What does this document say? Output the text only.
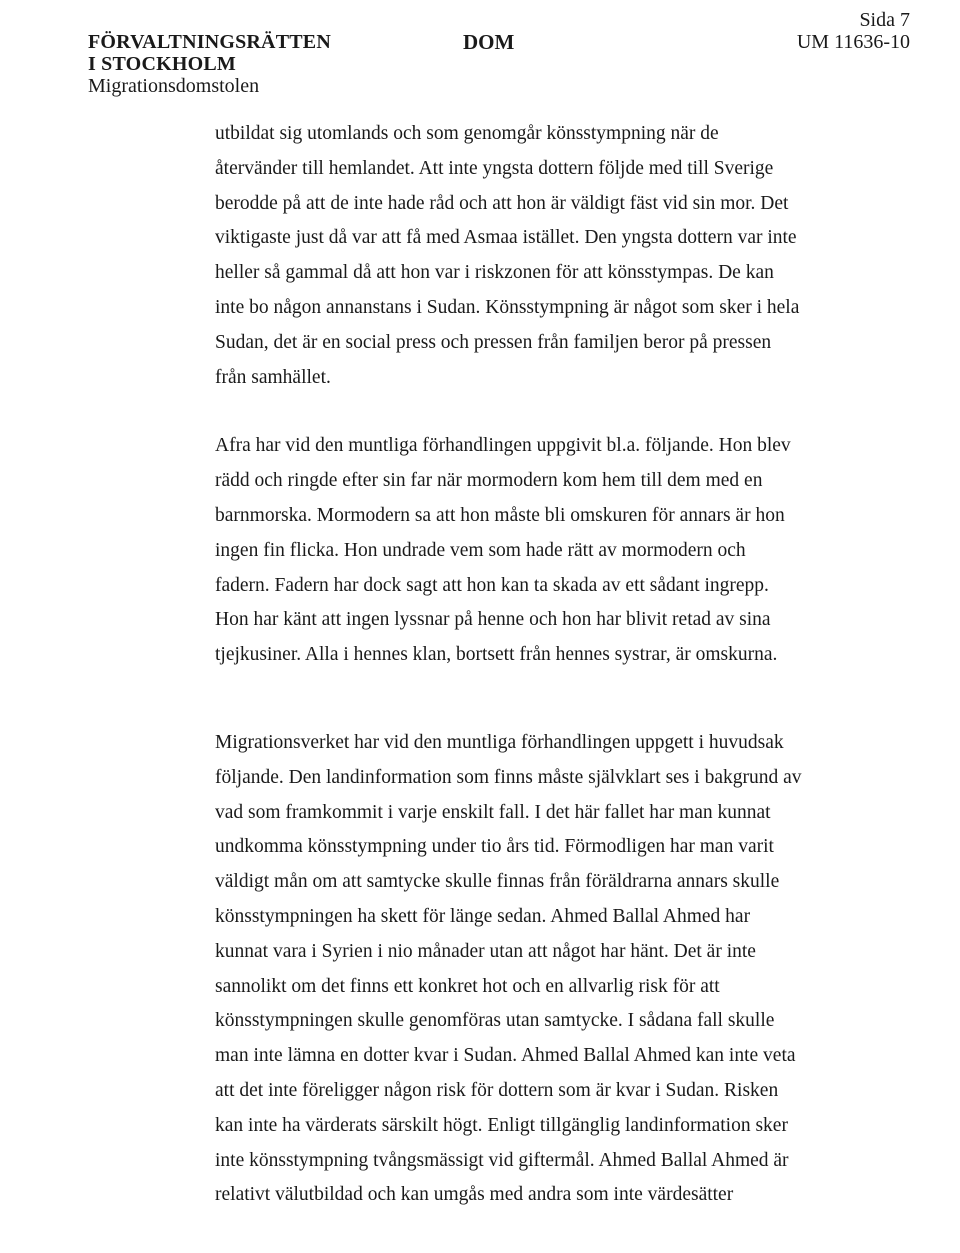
FÖRVALTNINGSRÄTTEN
I STOCKHOLM
Migrationsdomstolen
DOM
Sida 7
UM 11636-10

utbildat sig utomlands och som genomgår könsstympning när de
återvänder till hemlandet. Att inte yngsta dottern följde med till Sverige
berodde på att de inte hade råd och att hon är väldigt fäst vid sin mor. Det
viktigaste just då var att få med Asmaa istället. Den yngsta dottern var inte
heller så gammal då att hon var i riskzonen för att könsstympas. De kan
inte bo någon annanstans i Sudan. Könsstympning är något som sker i hela
Sudan, det är en social press och pressen från familjen beror på pressen
från samhället.

Afra har vid den muntliga förhandlingen uppgivit bl.a. följande. Hon blev
rädd och ringde efter sin far när mormodern kom hem till dem med en
barnmorska. Mormodern sa att hon måste bli omskuren för annars är hon
ingen fin flicka. Hon undrade vem som hade rätt av mormodern och
fadern. Fadern har dock sagt att hon kan ta skada av ett sådant ingrepp.
Hon har känt att ingen lyssnar på henne och hon har blivit retad av sina
tjejkusiner. Alla i hennes klan, bortsett från hennes systrar, är omskurna.

Migrationsverket har vid den muntliga förhandlingen uppgett i huvudsak
följande. Den landinformation som finns måste självklart ses i bakgrund av
vad som framkommit i varje enskilt fall. I det här fallet har man kunnat
undkomma könsstympning under tio års tid. Förmodligen har man varit
väldigt mån om att samtycke skulle finnas från föräldrarna annars skulle
könsstympningen ha skett för länge sedan. Ahmed Ballal Ahmed har
kunnat vara i Syrien i nio månader utan att något har hänt. Det är inte
sannolikt om det finns ett konkret hot och en allvarlig risk för att
könsstympningen skulle genomföras utan samtycke. I sådana fall skulle
man inte lämna en dotter kvar i Sudan. Ahmed Ballal Ahmed kan inte veta
att det inte föreligger någon risk för dottern som är kvar i Sudan. Risken
kan inte ha värderats särskilt högt. Enligt tillgänglig landinformation sker
inte könsstympning tvångsmässigt vid giftermål. Ahmed Ballal Ahmed är
relativt välutbildad och kan umgås med andra som inte värdesätter
